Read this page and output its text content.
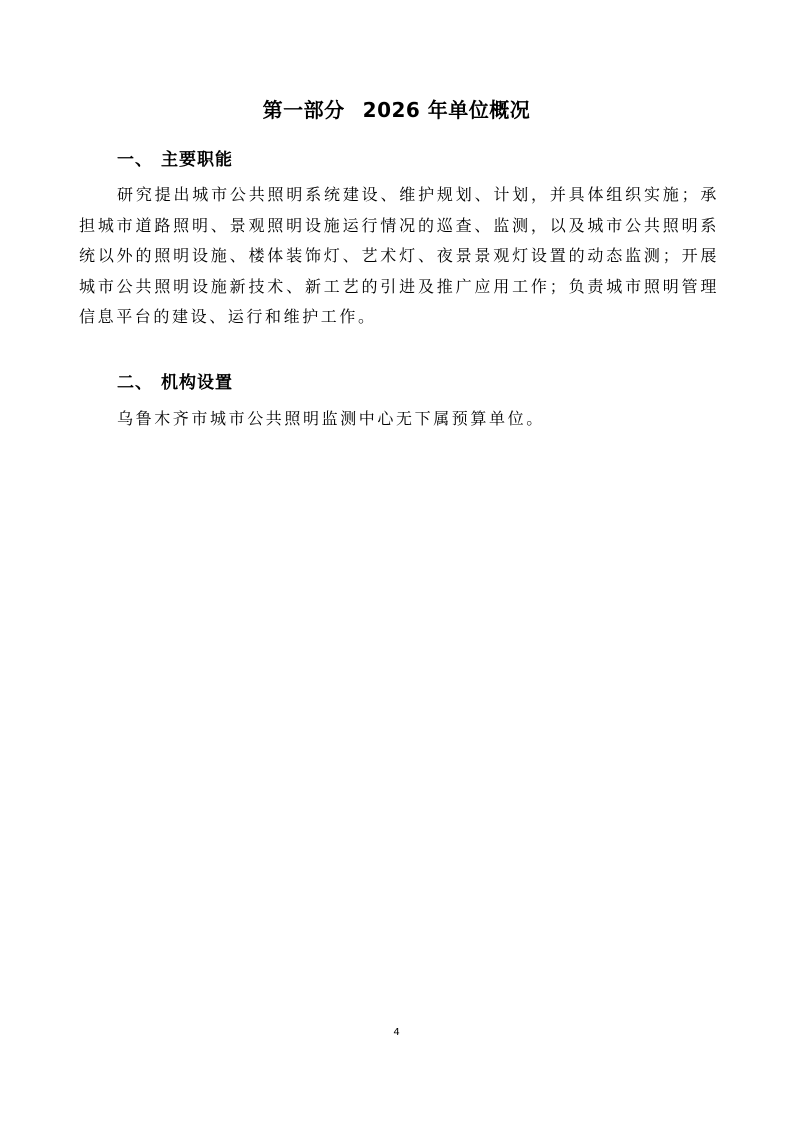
第一部分 2026 年单位概况
一、 主要职能
研究提出城市公共照明系统建设、维护规划、计划，并具体组织实施；承担城市道路照明、景观照明设施运行情况的巡查、监测，以及城市公共照明系统以外的照明设施、楼体装饰灯、艺术灯、夜景景观灯设置的动态监测；开展城市公共照明设施新技术、新工艺的引进及推广应用工作；负责城市照明管理信息平台的建设、运行和维护工作。
二、 机构设置
乌鲁木齐市城市公共照明监测中心无下属预算单位。
4
